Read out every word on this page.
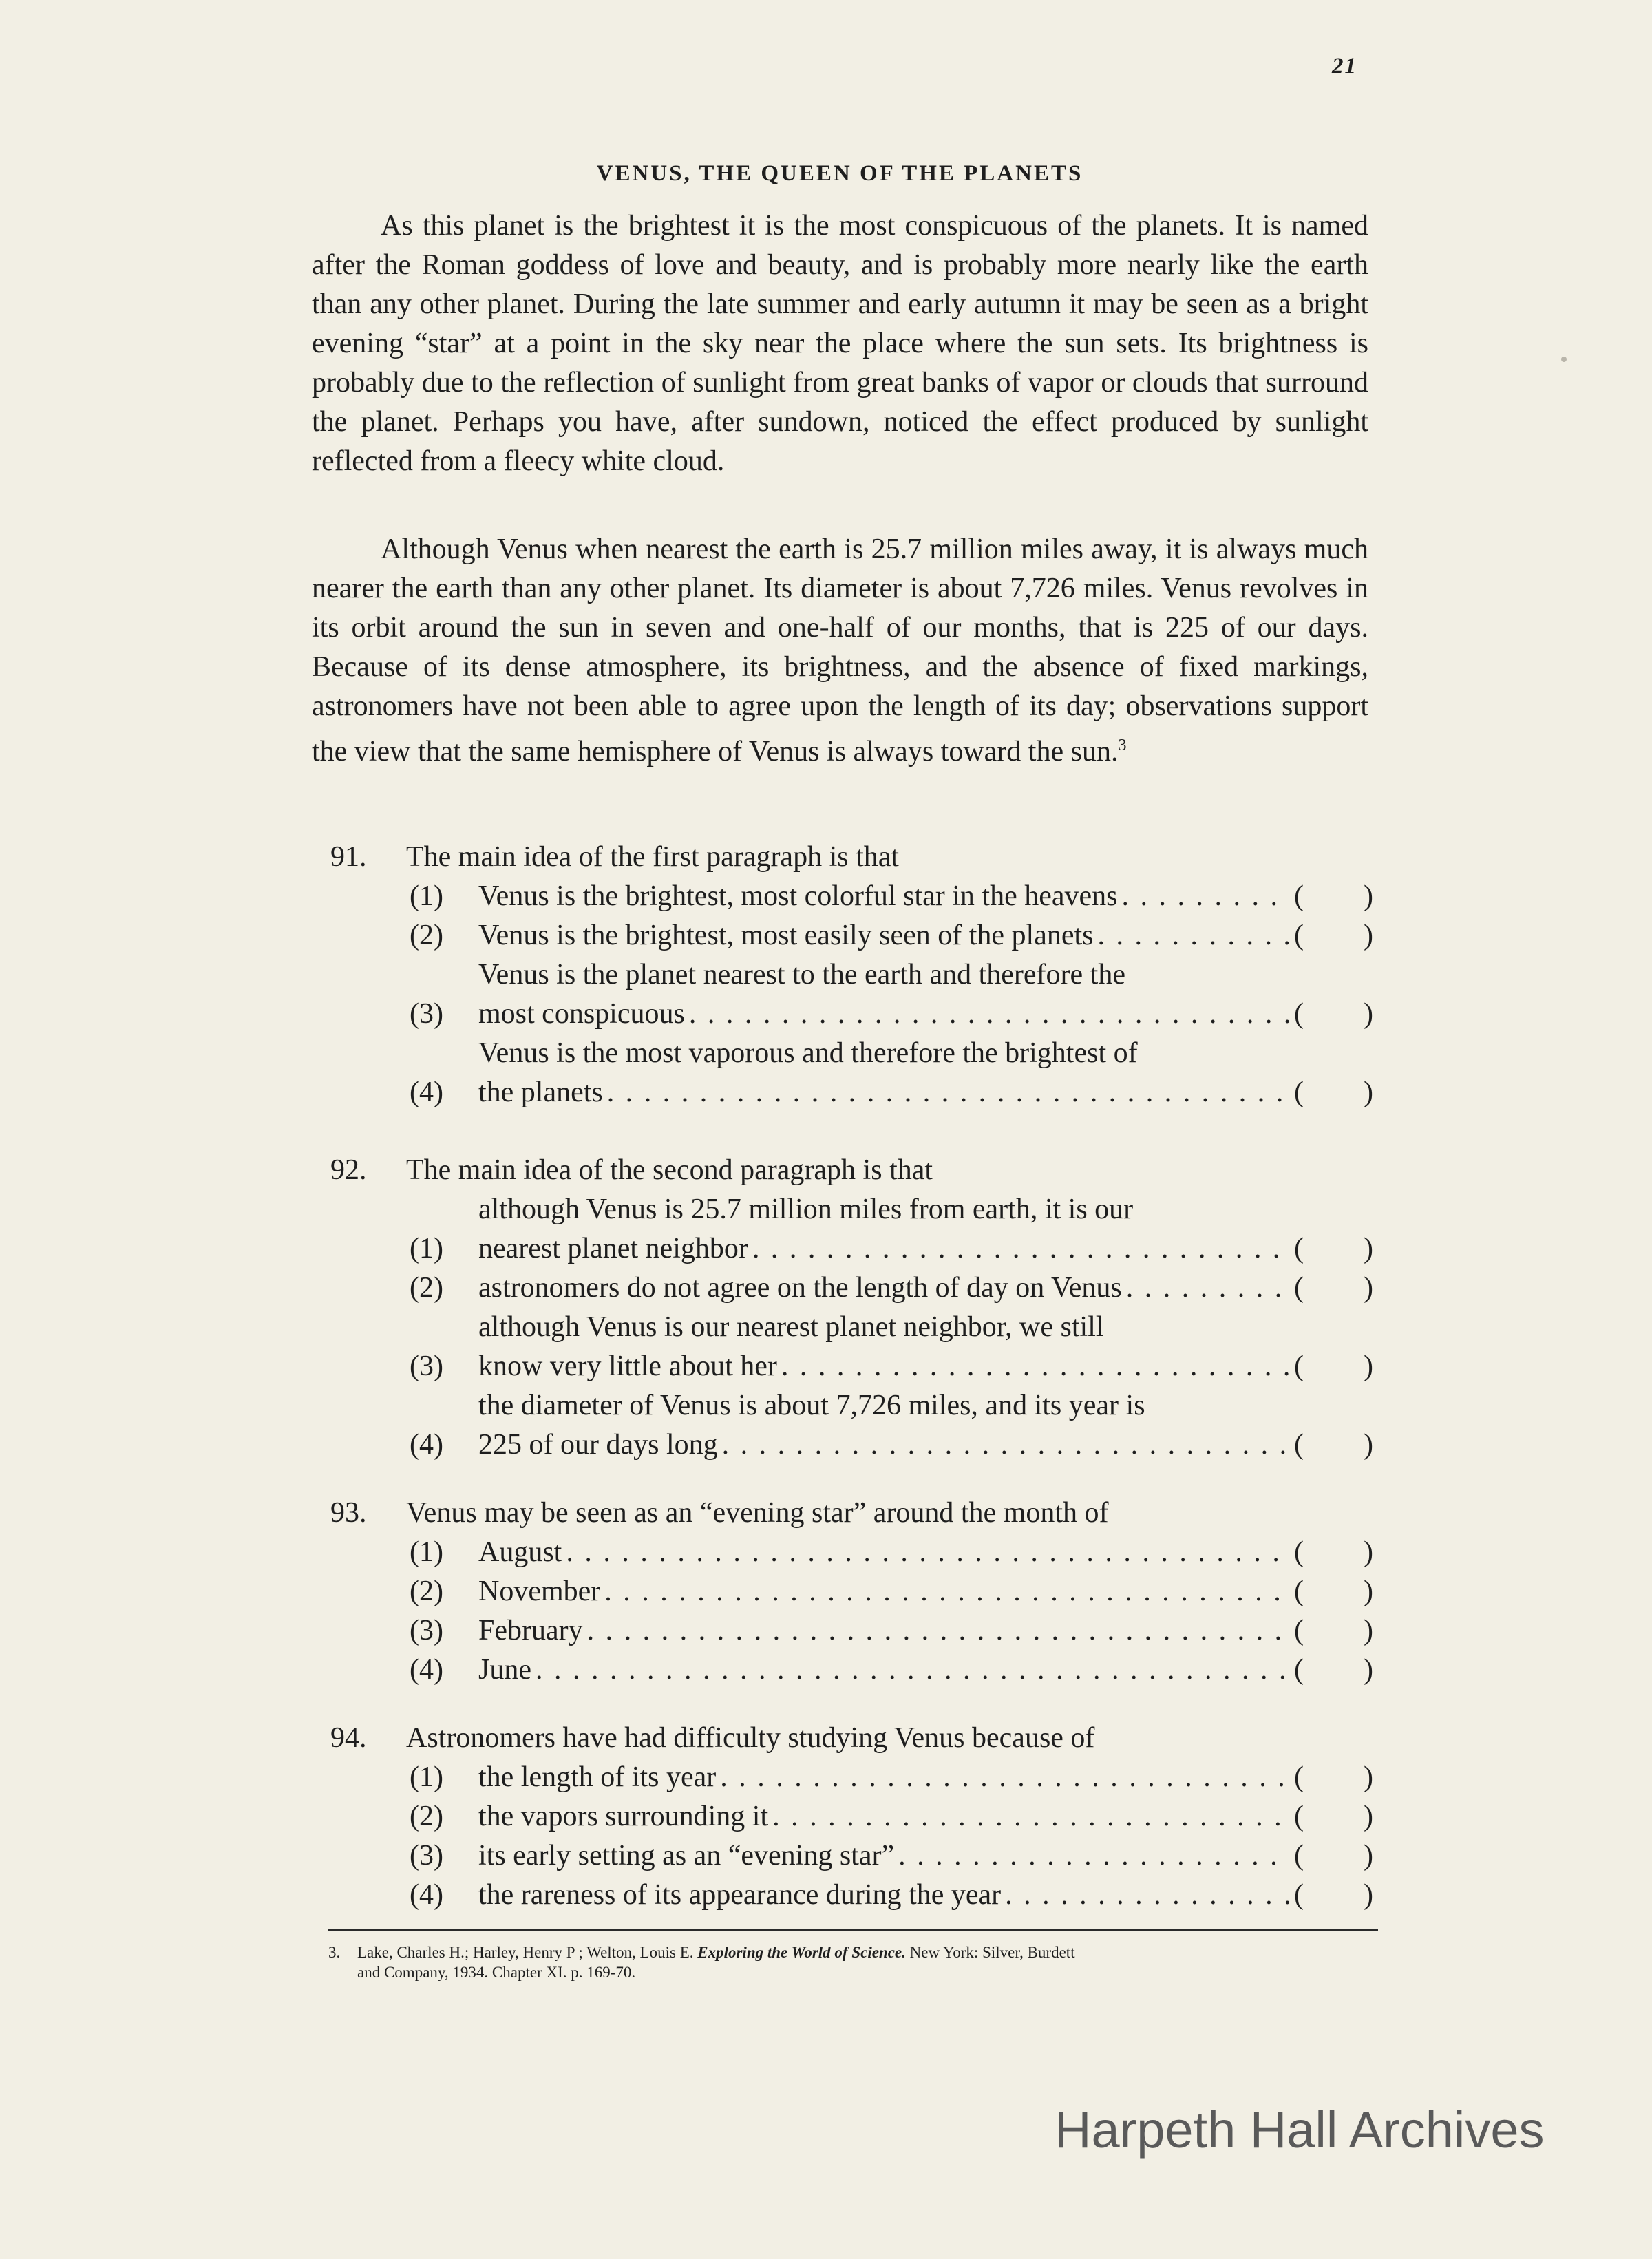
21
VENUS, THE QUEEN OF THE PLANETS
As this planet is the brightest it is the most conspicuous of the planets. It is named after the Roman goddess of love and beauty, and is probably more nearly like the earth than any other planet. During the late summer and early autumn it may be seen as a bright evening “star” at a point in the sky near the place where the sun sets. Its brightness is probably due to the reflection of sunlight from great banks of vapor or clouds that surround the planet. Perhaps you have, after sundown, noticed the effect produced by sunlight reflected from a fleecy white cloud.
Although Venus when nearest the earth is 25.7 million miles away, it is always much nearer the earth than any other planet. Its diameter is about 7,726 miles. Venus revolves in its orbit around the sun in seven and one-half of our months, that is 225 of our days. Because of its dense atmosphere, its brightness, and the absence of fixed markings, astronomers have not been able to agree upon the length of its day; observations support the view that the same hemisphere of Venus is always toward the sun.$^3$
91.	The main idea of the first paragraph is that
(1)	Venus is the brightest, most colorful star in the heavens . . .	( )
(2)	Venus is the brightest, most easily seen of the planets . . .	( )
(3)
Venus is the planet nearest to the earth and therefore the
most conspicuous . . .	( )
(4)
Venus is the most vaporous and therefore the brightest of
the planets . . .	( )
92.	The main idea of the second paragraph is that
(1)
although Venus is 25.7 million miles from earth, it is our
nearest planet neighbor . . .	( )
(2)	astronomers do not agree on the length of day on Venus . . .	( )
(3)
although Venus is our nearest planet neighbor, we still
know very little about her . . .	( )
(4)
the diameter of Venus is about 7,726 miles, and its year is
225 of our days long . . .	( )
93.	Venus may be seen as an “evening star” around the month of
(1)	August . . .	( )
(2)	November . . .	( )
(3)	February . . .	( )
(4)	June . . .	( )
94.	Astronomers have had difficulty studying Venus because of
(1)	the length of its year . . .	( )
(2)	the vapors surrounding it . . .	( )
(3)	its early setting as an “evening star” . . .	( )
(4)	the rareness of its appearance during the year . . .	( )
3. Lake, Charles H.; Harley, Henry P ; Welton, Louis E. Exploring the World of Science. New York: Silver, Burdett
and Company, 1934. Chapter XI. p. 169-70.
Harpeth Hall Archives
